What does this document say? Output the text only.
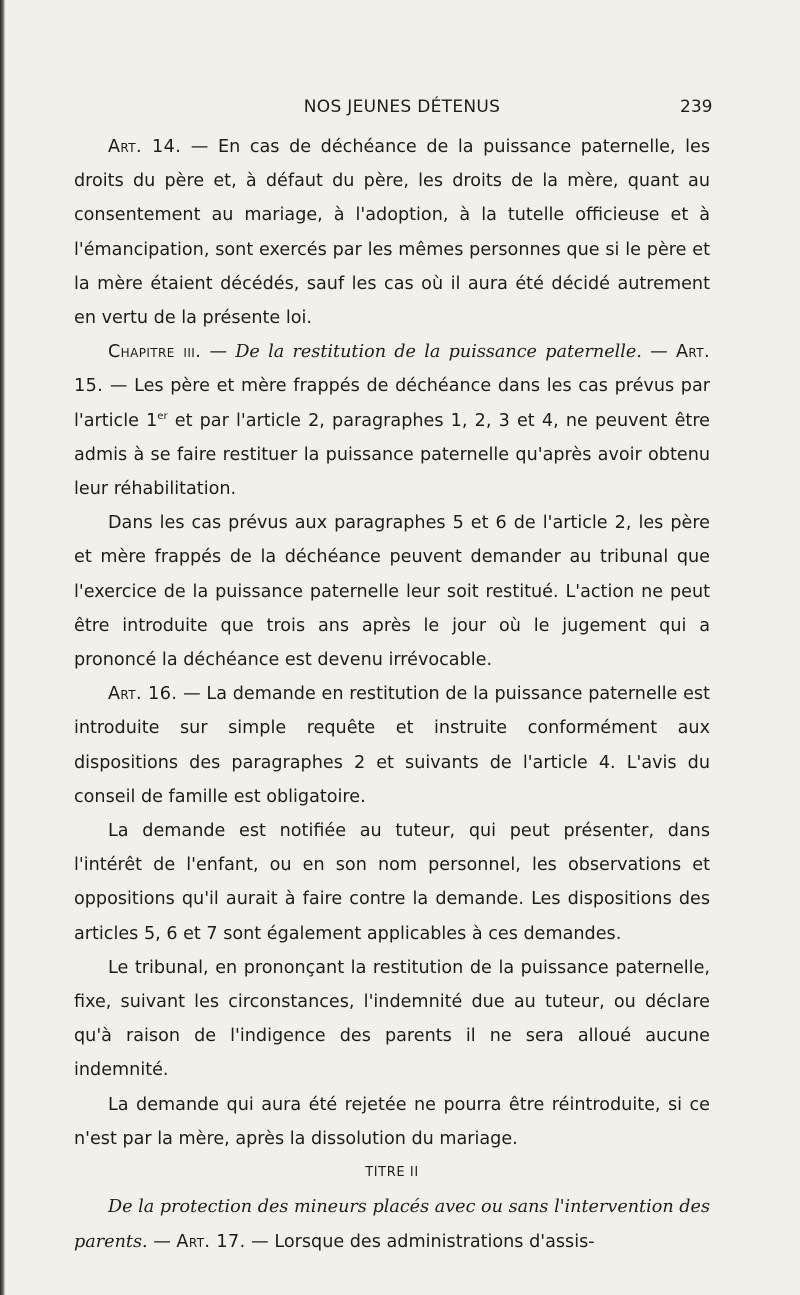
NOS JEUNES DÉTENUS	239

Art. 14. — En cas de déchéance de la puissance paternelle, les droits du père et, à défaut du père, les droits de la mère, quant au consentement au mariage, à l'adoption, à la tutelle officieuse et à l'émancipation, sont exercés par les mêmes personnes que si le père et la mère étaient décédés, sauf les cas où il aura été décidé autrement en vertu de la présente loi.

Chapitre iii. — De la restitution de la puissance paternelle. — Art. 15. — Les père et mère frappés de déchéance dans les cas prévus par l'article 1er et par l'article 2, paragraphes 1, 2, 3 et 4, ne peuvent être admis à se faire restituer la puissance paternelle qu'après avoir obtenu leur réhabilitation.

Dans les cas prévus aux paragraphes 5 et 6 de l'article 2, les père et mère frappés de la déchéance peuvent demander au tribunal que l'exercice de la puissance paternelle leur soit restitué. L'action ne peut être introduite que trois ans après le jour où le jugement qui a prononcé la déchéance est devenu irrévocable.

Art. 16. — La demande en restitution de la puissance paternelle est introduite sur simple requête et instruite conformément aux dispositions des paragraphes 2 et suivants de l'article 4. L'avis du conseil de famille est obligatoire.

La demande est notifiée au tuteur, qui peut présenter, dans l'intérêt de l'enfant, ou en son nom personnel, les observations et oppositions qu'il aurait à faire contre la demande. Les dispositions des articles 5, 6 et 7 sont également applicables à ces demandes.

Le tribunal, en prononçant la restitution de la puissance paternelle, fixe, suivant les circonstances, l'indemnité due au tuteur, ou déclare qu'à raison de l'indigence des parents il ne sera alloué aucune indemnité.

La demande qui aura été rejetée ne pourra être réintroduite, si ce n'est par la mère, après la dissolution du mariage.

TITRE II

De la protection des mineurs placés avec ou sans l'intervention des parents. — Art. 17. — Lorsque des administrations d'assis-
